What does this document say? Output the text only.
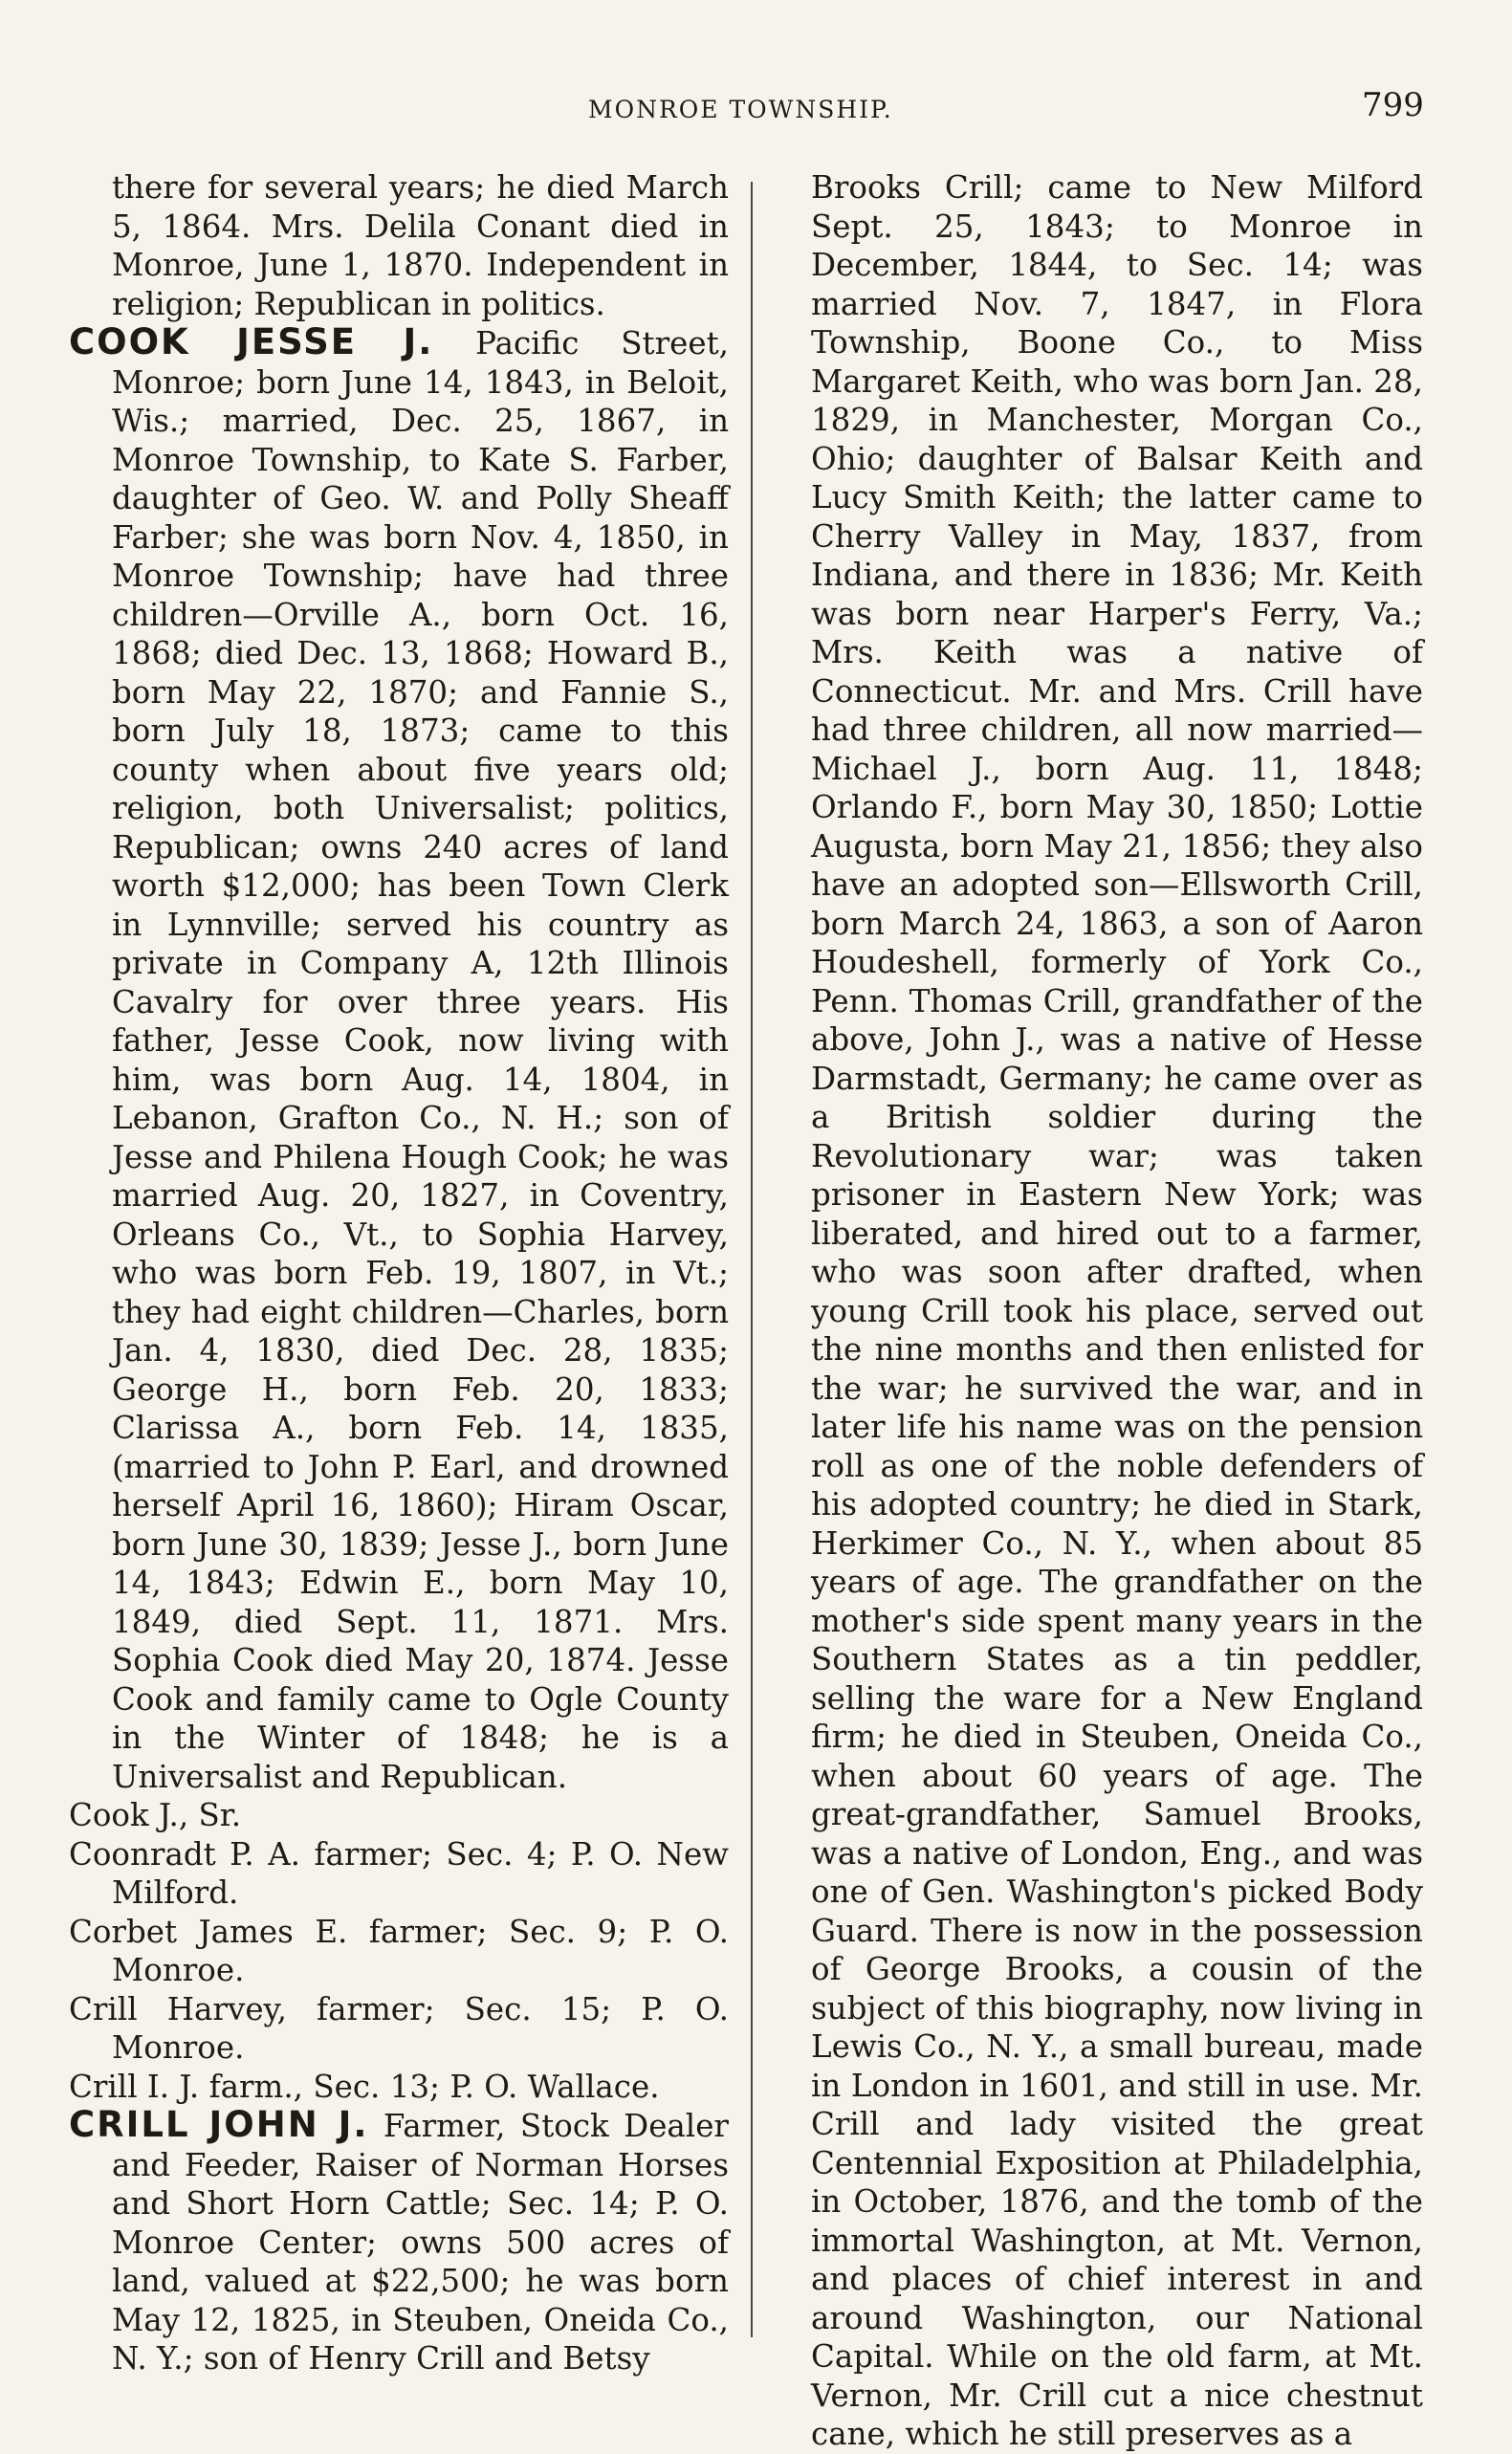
MONROE TOWNSHIP.	799

there for several years; he died March 5, 1864. Mrs. Delila Conant died in Monroe, June 1, 1870. Independent in religion; Republican in politics.

COOK JESSE J. Pacific Street, Monroe; born June 14, 1843, in Beloit, Wis.; married, Dec. 25, 1867, in Monroe Township, to Kate S. Farber, daughter of Geo. W. and Polly Sheaff Farber; she was born Nov. 4, 1850, in Monroe Township; have had three children—Orville A., born Oct. 16, 1868; died Dec. 13, 1868; Howard B., born May 22, 1870; and Fannie S., born July 18, 1873; came to this county when about five years old; religion, both Universalist; politics, Republican; owns 240 acres of land worth $12,000; has been Town Clerk in Lynnville; served his country as private in Company A, 12th Illinois Cavalry for over three years. His father, Jesse Cook, now living with him, was born Aug. 14, 1804, in Lebanon, Grafton Co., N. H.; son of Jesse and Philena Hough Cook; he was married Aug. 20, 1827, in Coventry, Orleans Co., Vt., to Sophia Harvey, who was born Feb. 19, 1807, in Vt.; they had eight children—Charles, born Jan. 4, 1830, died Dec. 28, 1835; George H., born Feb. 20, 1833; Clarissa A., born Feb. 14, 1835, (married to John P. Earl, and drowned herself April 16, 1860); Hiram Oscar, born June 30, 1839; Jesse J., born June 14, 1843; Edwin E., born May 10, 1849, died Sept. 11, 1871. Mrs. Sophia Cook died May 20, 1874. Jesse Cook and family came to Ogle County in the Winter of 1848; he is a Universalist and Republican.

Cook J., Sr.

Coonradt P. A. farmer; Sec. 4; P. O. New Milford.

Corbet James E. farmer; Sec. 9; P. O. Monroe.

Crill Harvey, farmer; Sec. 15; P. O. Monroe.

Crill I. J. farm., Sec. 13; P. O. Wallace.

CRILL JOHN J. Farmer, Stock Dealer and Feeder, Raiser of Norman Horses and Short Horn Cattle; Sec. 14; P. O. Monroe Center; owns 500 acres of land, valued at $22,500; he was born May 12, 1825, in Steuben, Oneida Co., N. Y.; son of Henry Crill and Betsy

Brooks Crill; came to New Milford Sept. 25, 1843; to Monroe in December, 1844, to Sec. 14; was married Nov. 7, 1847, in Flora Township, Boone Co., to Miss Margaret Keith, who was born Jan. 28, 1829, in Manchester, Morgan Co., Ohio; daughter of Balsar Keith and Lucy Smith Keith; the latter came to Cherry Valley in May, 1837, from Indiana, and there in 1836; Mr. Keith was born near Harper's Ferry, Va.; Mrs. Keith was a native of Connecticut. Mr. and Mrs. Crill have had three children, all now married—Michael J., born Aug. 11, 1848; Orlando F., born May 30, 1850; Lottie Augusta, born May 21, 1856; they also have an adopted son—Ellsworth Crill, born March 24, 1863, a son of Aaron Houdeshell, formerly of York Co., Penn. Thomas Crill, grandfather of the above, John J., was a native of Hesse Darmstadt, Germany; he came over as a British soldier during the Revolutionary war; was taken prisoner in Eastern New York; was liberated, and hired out to a farmer, who was soon after drafted, when young Crill took his place, served out the nine months and then enlisted for the war; he survived the war, and in later life his name was on the pension roll as one of the noble defenders of his adopted country; he died in Stark, Herkimer Co., N. Y., when about 85 years of age. The grandfather on the mother's side spent many years in the Southern States as a tin peddler, selling the ware for a New England firm; he died in Steuben, Oneida Co., when about 60 years of age. The great-grandfather, Samuel Brooks, was a native of London, Eng., and was one of Gen. Washington's picked Body Guard. There is now in the possession of George Brooks, a cousin of the subject of this biography, now living in Lewis Co., N. Y., a small bureau, made in London in 1601, and still in use. Mr. Crill and lady visited the great Centennial Exposition at Philadelphia, in October, 1876, and the tomb of the immortal Washington, at Mt. Vernon, and places of chief interest in and around Washington, our National Capital. While on the old farm, at Mt. Vernon, Mr. Crill cut a nice chestnut cane, which he still preserves as a
